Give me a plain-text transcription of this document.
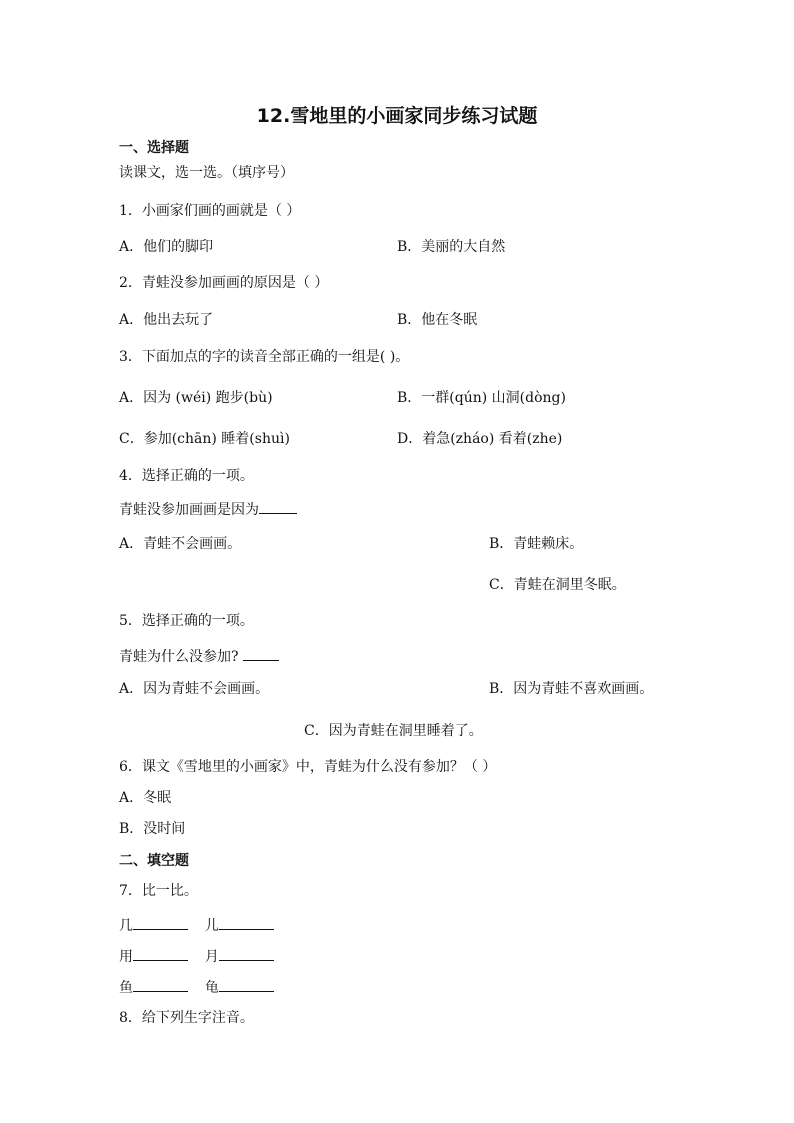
12.雪地里的小画家同步练习试题
一、选择题
读课文，选一选。（填序号）
1．小画家们画的画就是（ ）
A．他们的脚印	B．美丽的大自然
2．青蛙没参加画画的原因是（ ）
A．他出去玩了	B．他在冬眠
3．下面加点的字的读音全部正确的一组是( )。
A．因为 (wéi) 跑步(bù)	B．一群(qún) 山洞(dòng)
C．参加(chān) 睡着(shuì)	D．着急(zháo) 看着(zhe)
4．选择正确的一项。
青蛙没参加画画是因为
A．青蛙不会画画。	B．青蛙赖床。
C．青蛙在洞里冬眠。
5．选择正确的一项。
青蛙为什么没参加?
A．因为青蛙不会画画。	B．因为青蛙不喜欢画画。
C．因为青蛙在洞里睡着了。
6．课文《雪地里的小画家》中，青蛙为什么没有参加？（ ）
A．冬眠
B．没时间
二、填空题
7．比一比。
几	儿
用	月
鱼	龟
8．给下列生字注音。
